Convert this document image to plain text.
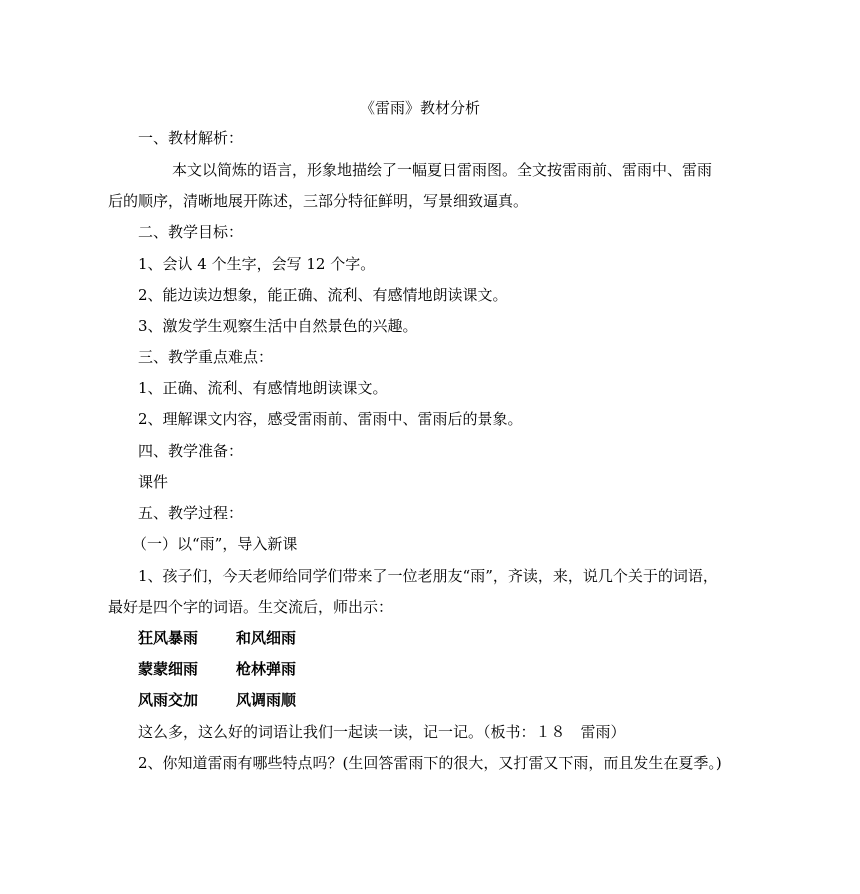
《雷雨》教材分析
一、教材解析：
本文以简炼的语言，形象地描绘了一幅夏日雷雨图。全文按雷雨前、雷雨中、雷雨
后的顺序，清晰地展开陈述，三部分特征鲜明，写景细致逼真。
二、教学目标：
1、会认 4 个生字，会写 12 个字。
2、能边读边想象，能正确、流利、有感情地朗读课文。
3、激发学生观察生活中自然景色的兴趣。
三、教学重点难点：
1、正确、流利、有感情地朗读课文。
2、理解课文内容，感受雷雨前、雷雨中、雷雨后的景象。
四、教学准备：
课件
五、教学过程：
（一）以“雨”，导入新课
1、孩子们，今天老师给同学们带来了一位老朋友“雨”，齐读，来，说几个关于的词语，
最好是四个字的词语。生交流后，师出示：
狂风暴雨	和风细雨
蒙蒙细雨	枪林弹雨
风雨交加	风调雨顺
这么多，这么好的词语让我们一起读一读，记一记。（板书：１８　雷雨）
2、你知道雷雨有哪些特点吗？(生回答雷雨下的很大，又打雷又下雨，而且发生在夏季。)
